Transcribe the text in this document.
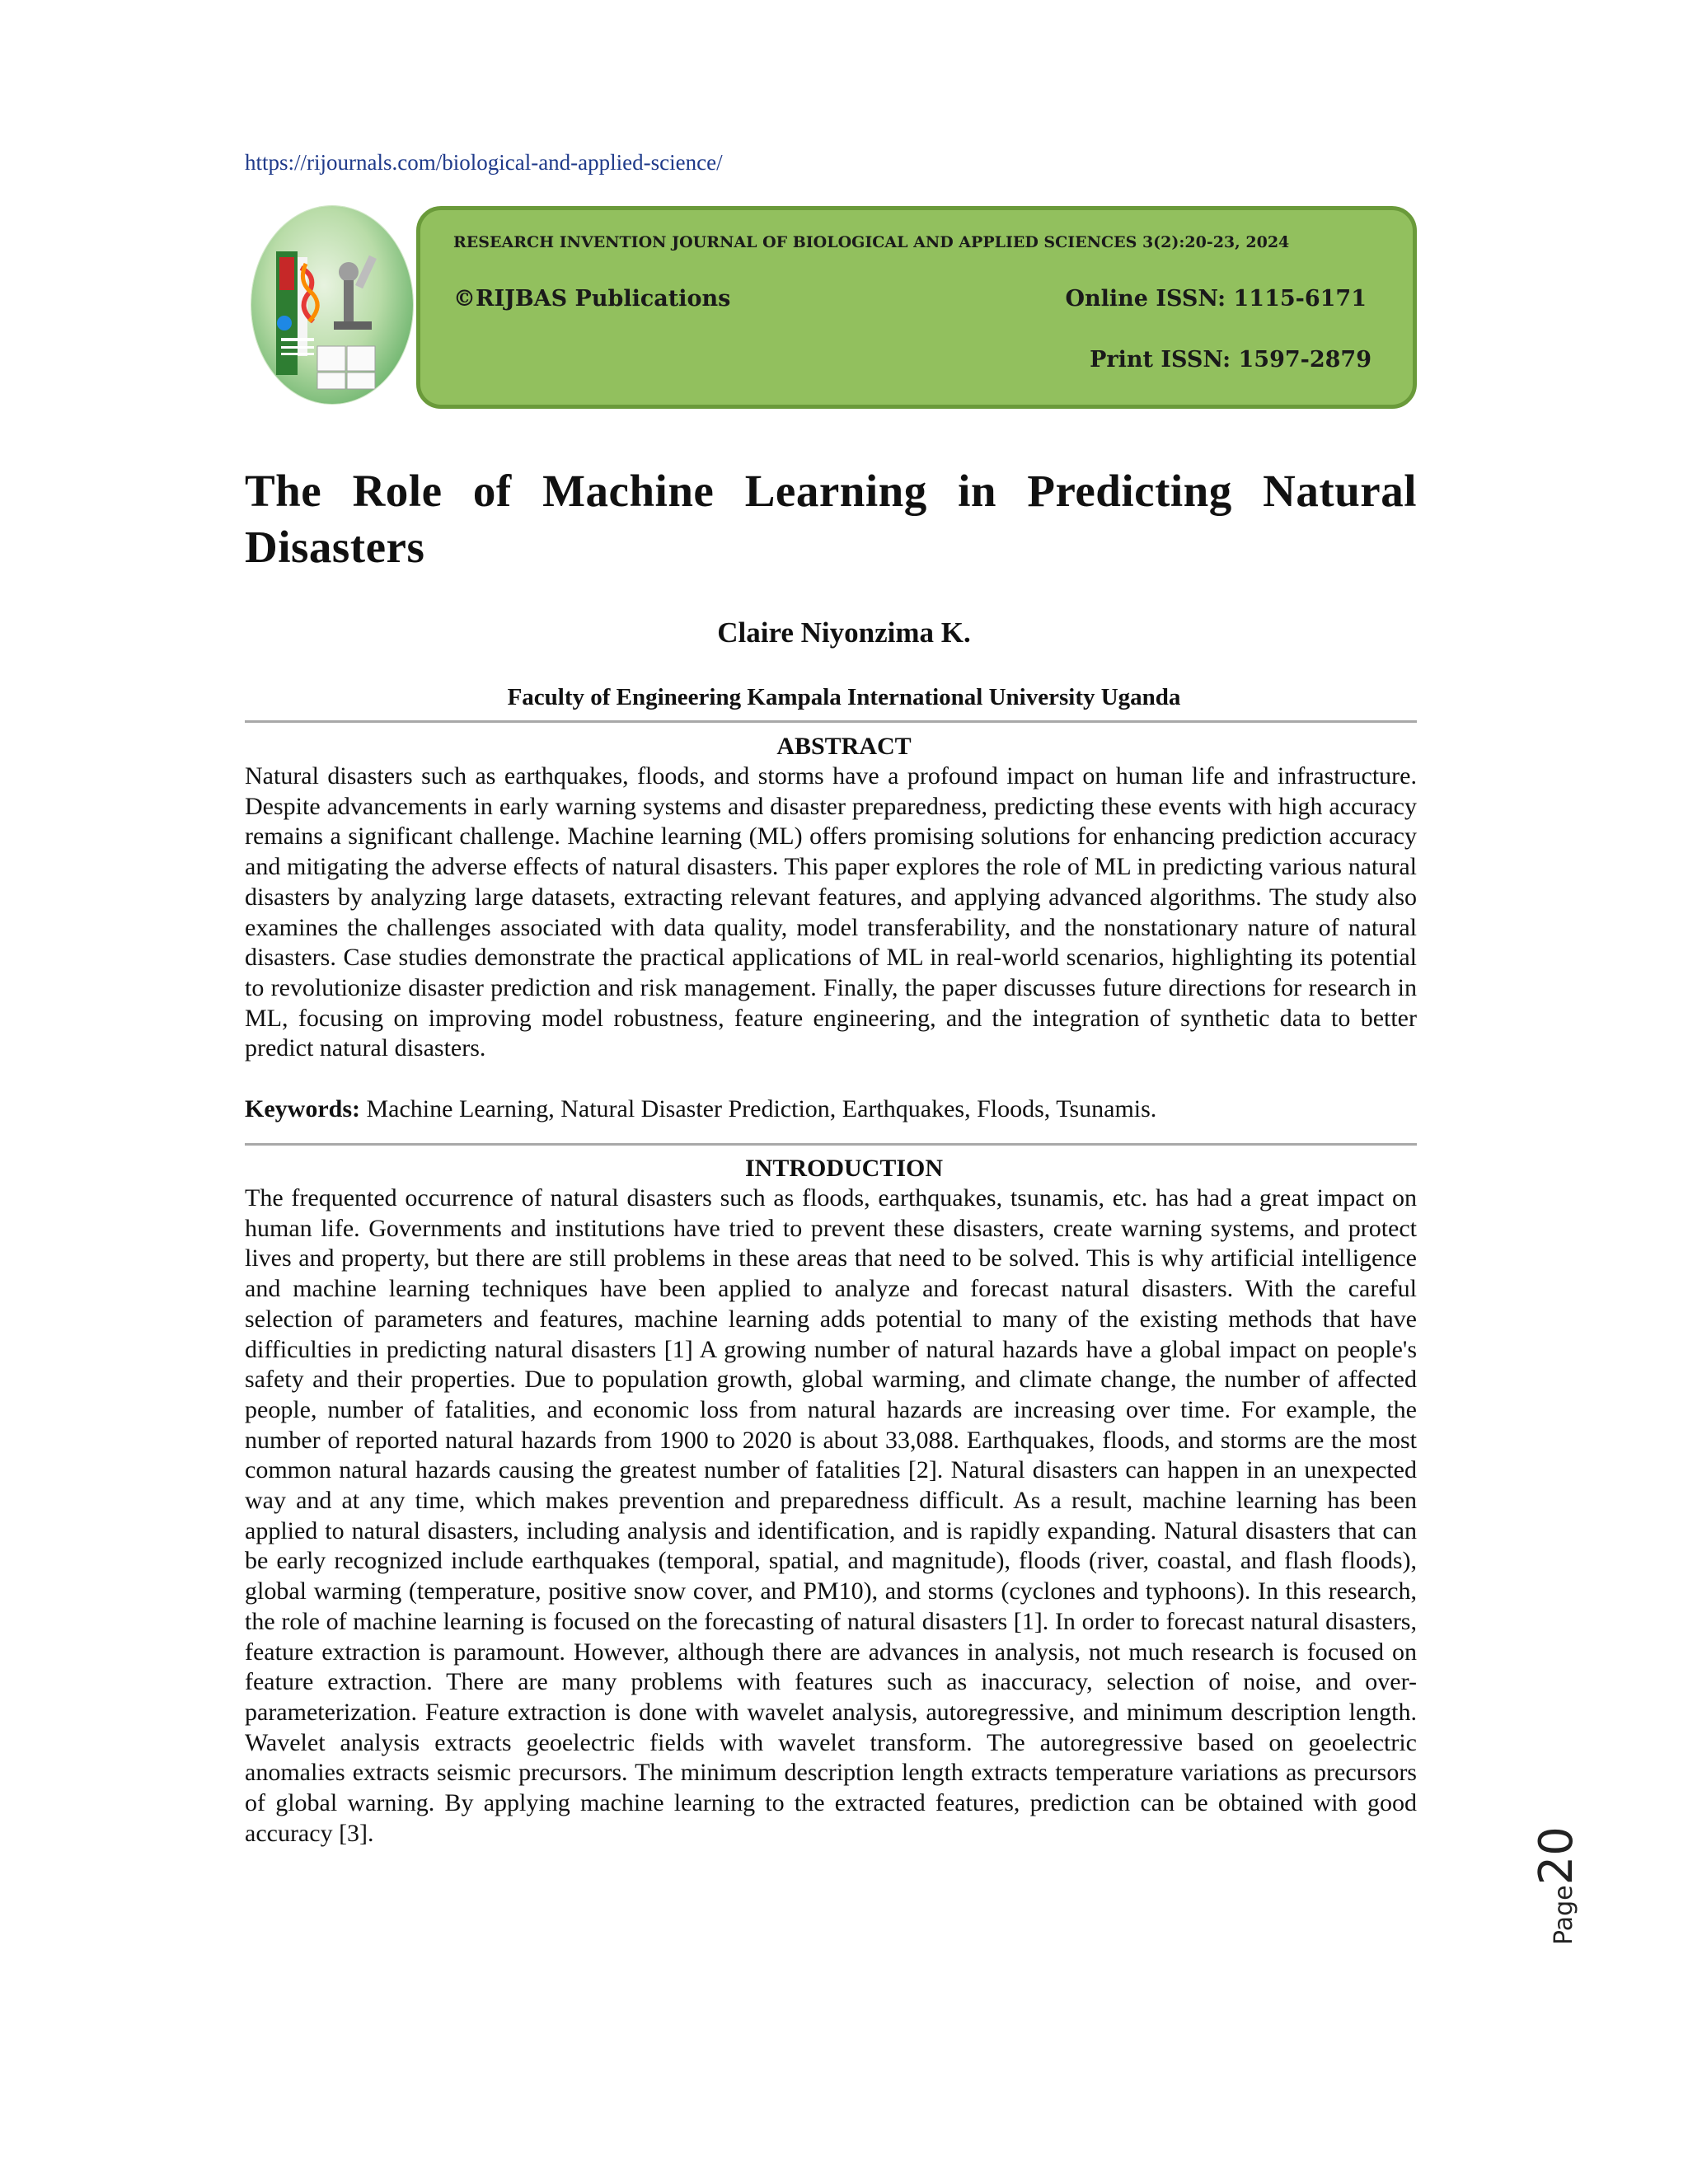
https://rijournals.com/biological-and-applied-science/
RESEARCH INVENTION JOURNAL OF BIOLOGICAL AND APPLIED SCIENCES 3(2):20-23, 2024
©RIJBAS Publications	Online ISSN: 1115-6171
Print ISSN: 1597-2879
The Role of Machine Learning in Predicting Natural Disasters
Claire Niyonzima K.
Faculty of Engineering Kampala International University Uganda
ABSTRACT

Natural disasters such as earthquakes, floods, and storms have a profound impact on human life and infrastructure. Despite advancements in early warning systems and disaster preparedness, predicting these events with high accuracy remains a significant challenge. Machine learning (ML) offers promising solutions for enhancing prediction accuracy and mitigating the adverse effects of natural disasters. This paper explores the role of ML in predicting various natural disasters by analyzing large datasets, extracting relevant features, and applying advanced algorithms. The study also examines the challenges associated with data quality, model transferability, and the nonstationary nature of natural disasters. Case studies demonstrate the practical applications of ML in real-world scenarios, highlighting its potential to revolutionize disaster prediction and risk management. Finally, the paper discusses future directions for research in ML, focusing on improving model robustness, feature engineering, and the integration of synthetic data to better predict natural disasters.

Keywords: Machine Learning, Natural Disaster Prediction, Earthquakes, Floods, Tsunamis.

INTRODUCTION

The frequented occurrence of natural disasters such as floods, earthquakes, tsunamis, etc. has had a great impact on human life. Governments and institutions have tried to prevent these disasters, create warning systems, and protect lives and property, but there are still problems in these areas that need to be solved. This is why artificial intelligence and machine learning techniques have been applied to analyze and forecast natural disasters. With the careful selection of parameters and features, machine learning adds potential to many of the existing methods that have difficulties in predicting natural disasters [1] A growing number of natural hazards have a global impact on people's safety and their properties. Due to population growth, global warming, and climate change, the number of affected people, number of fatalities, and economic loss from natural hazards are increasing over time. For example, the number of reported natural hazards from 1900 to 2020 is about 33,088. Earthquakes, floods, and storms are the most common natural hazards causing the greatest number of fatalities [2]. Natural disasters can happen in an unexpected way and at any time, which makes prevention and preparedness difficult. As a result, machine learning has been applied to natural disasters, including analysis and identification, and is rapidly expanding. Natural disasters that can be early recognized include earthquakes (temporal, spatial, and magnitude), floods (river, coastal, and flash floods), global warming (temperature, positive snow cover, and PM10), and storms (cyclones and typhoons). In this research, the role of machine learning is focused on the forecasting of natural disasters [1]. In order to forecast natural disasters, feature extraction is paramount. However, although there are advances in analysis, not much research is focused on feature extraction. There are many problems with features such as inaccuracy, selection of noise, and over-parameterization. Feature extraction is done with wavelet analysis, autoregressive, and minimum description length. Wavelet analysis extracts geoelectric fields with wavelet transform. The autoregressive based on geoelectric anomalies extracts seismic precursors. The minimum description length extracts temperature variations as precursors of global warning. By applying machine learning to the extracted features, prediction can be obtained with good accuracy [3].

Page20
